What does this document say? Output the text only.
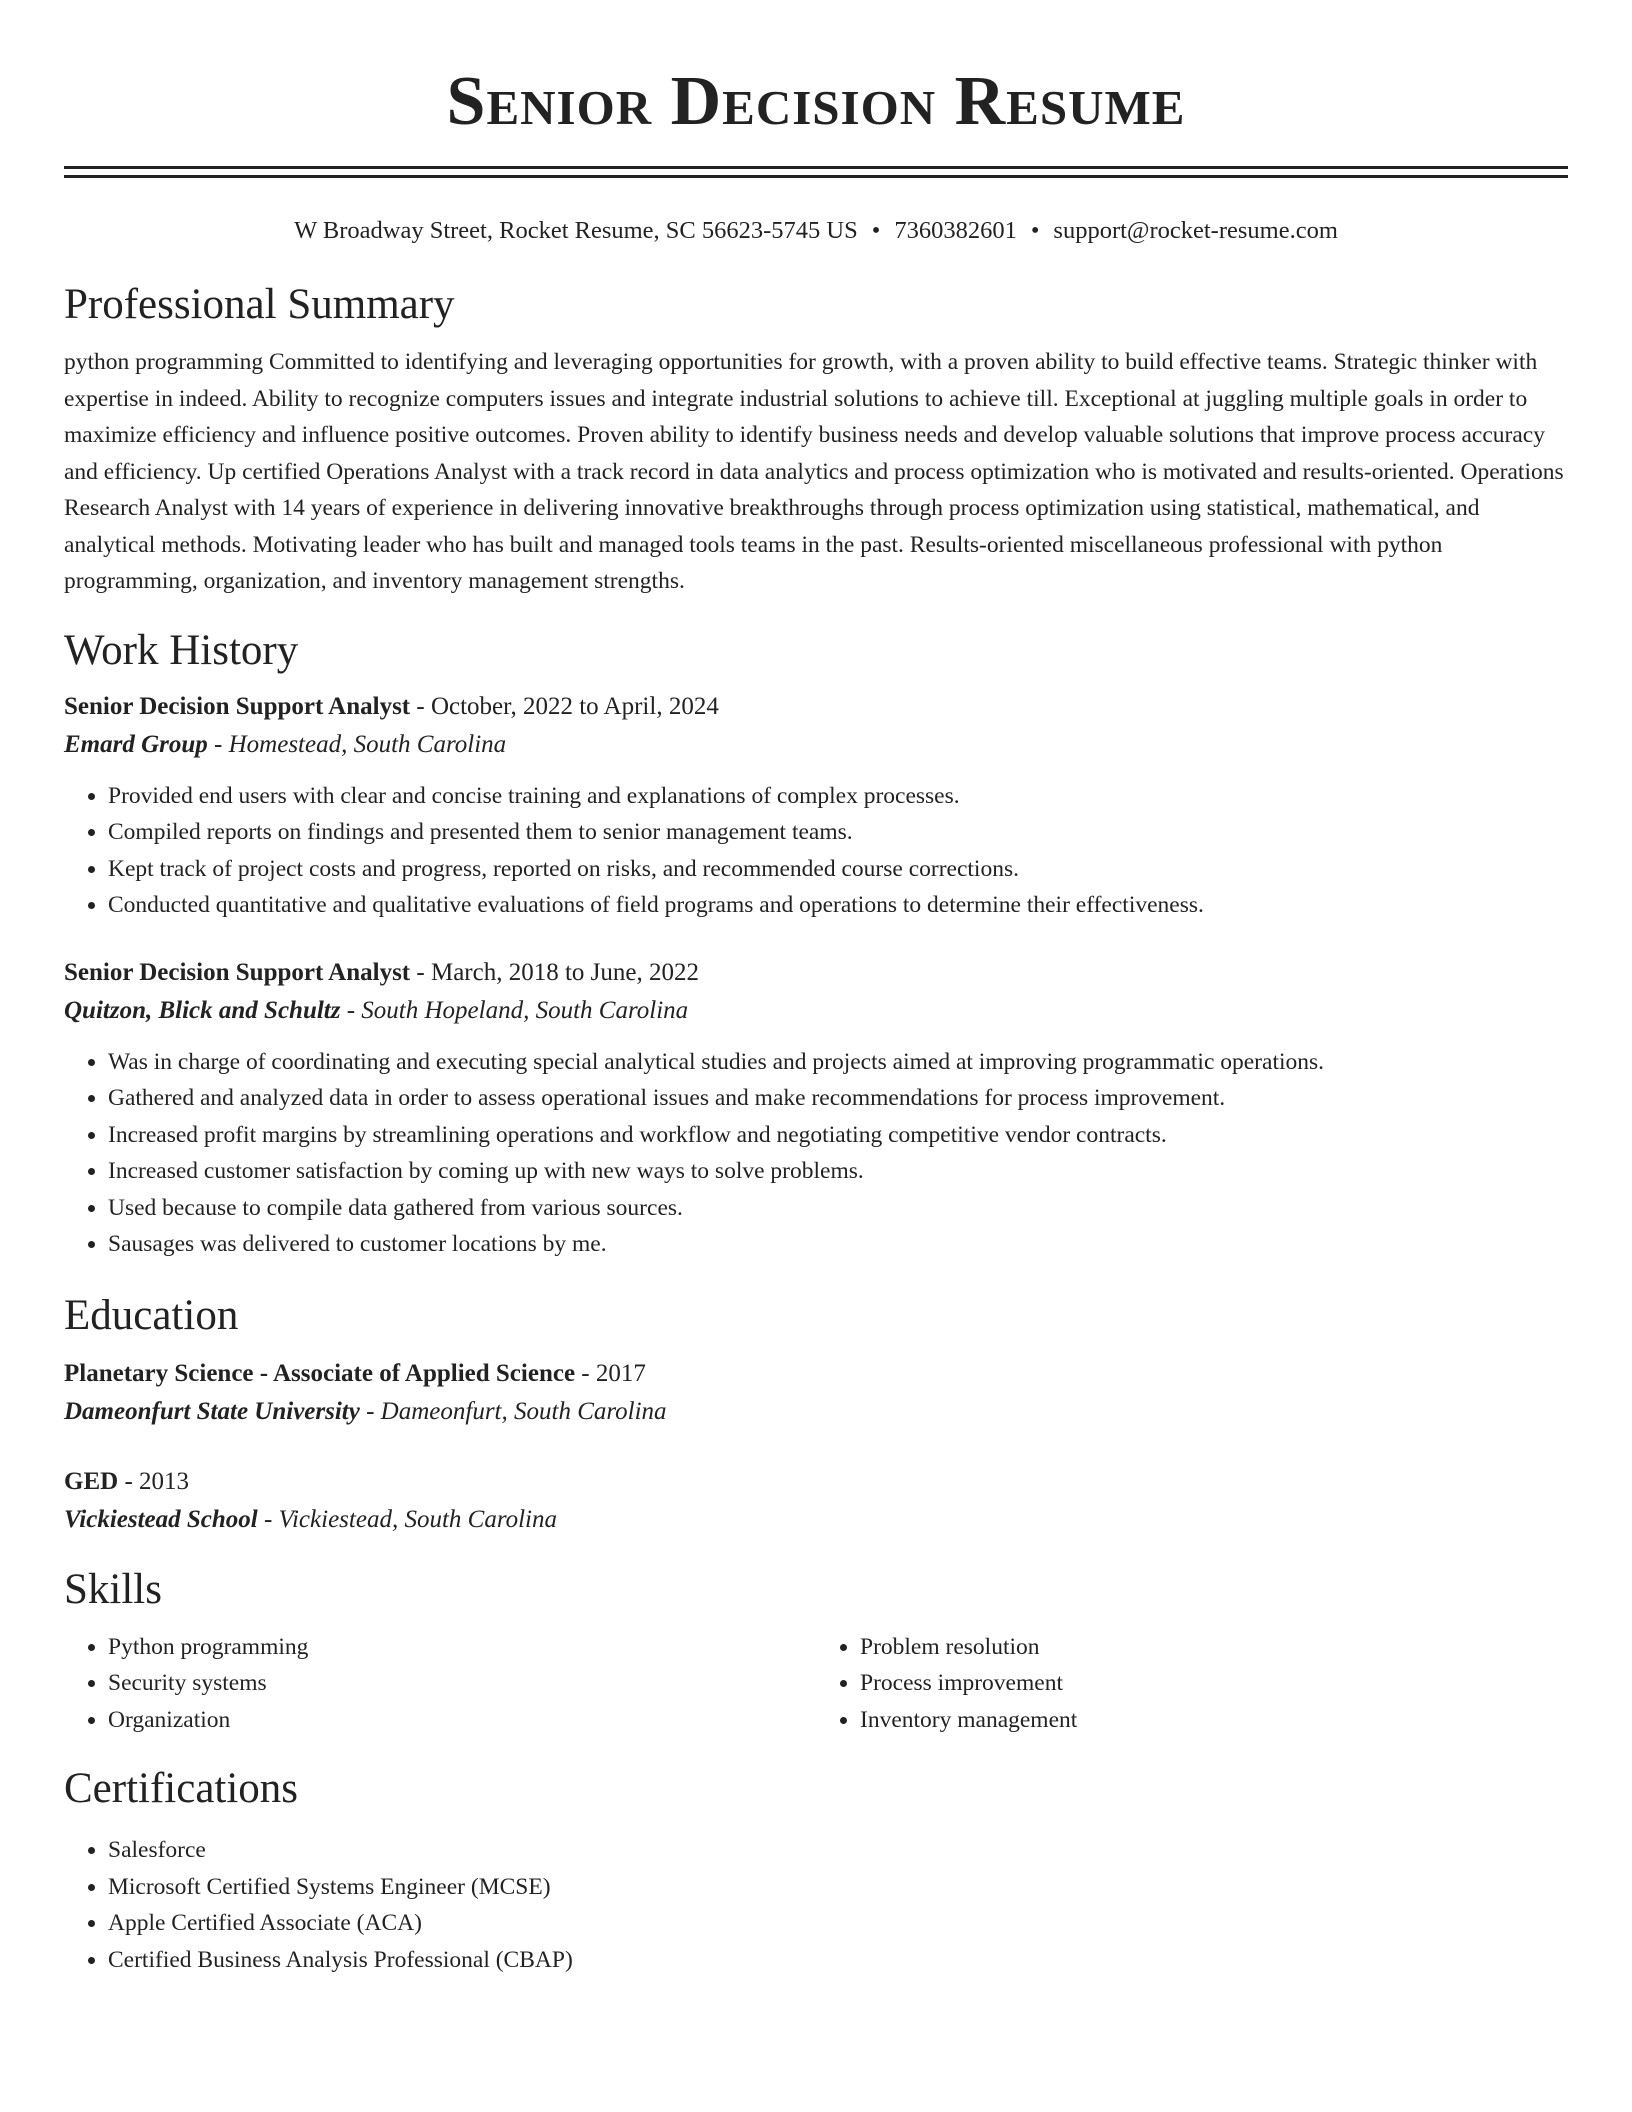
Senior Decision Resume
W Broadway Street, Rocket Resume, SC 56623-5745 US • 7360382601 • support@rocket-resume.com
Professional Summary

python programming Committed to identifying and leveraging opportunities for growth, with a proven ability to build effective teams. Strategic thinker with expertise in indeed. Ability to recognize computers issues and integrate industrial solutions to achieve till. Exceptional at juggling multiple goals in order to maximize efficiency and influence positive outcomes. Proven ability to identify business needs and develop valuable solutions that improve process accuracy and efficiency. Up certified Operations Analyst with a track record in data analytics and process optimization who is motivated and results-oriented. Operations Research Analyst with 14 years of experience in delivering innovative breakthroughs through process optimization using statistical, mathematical, and analytical methods. Motivating leader who has built and managed tools teams in the past. Results-oriented miscellaneous professional with python programming, organization, and inventory management strengths.

Work History

Senior Decision Support Analyst - October, 2022 to April, 2024

Emard Group - Homestead, South Carolina

• Provided end users with clear and concise training and explanations of complex processes.
• Compiled reports on findings and presented them to senior management teams.
• Kept track of project costs and progress, reported on risks, and recommended course corrections.
• Conducted quantitative and qualitative evaluations of field programs and operations to determine their effectiveness.

Senior Decision Support Analyst - March, 2018 to June, 2022

Quitzon, Blick and Schultz - South Hopeland, South Carolina

• Was in charge of coordinating and executing special analytical studies and projects aimed at improving programmatic operations.
• Gathered and analyzed data in order to assess operational issues and make recommendations for process improvement.
• Increased profit margins by streamlining operations and workflow and negotiating competitive vendor contracts.
• Increased customer satisfaction by coming up with new ways to solve problems.
• Used because to compile data gathered from various sources.
• Sausages was delivered to customer locations by me.
Education

Planetary Science - Associate of Applied Science - 2017

Dameonfurt State University - Dameonfurt, South Carolina

GED - 2013

Vickiestead School - Vickiestead, South Carolina

Skills
• Python programming
• Security systems
• Organization
• Problem resolution
• Process improvement
• Inventory management
Certifications
• Salesforce
• Microsoft Certified Systems Engineer (MCSE)
• Apple Certified Associate (ACA)
• Certified Business Analysis Professional (CBAP)
